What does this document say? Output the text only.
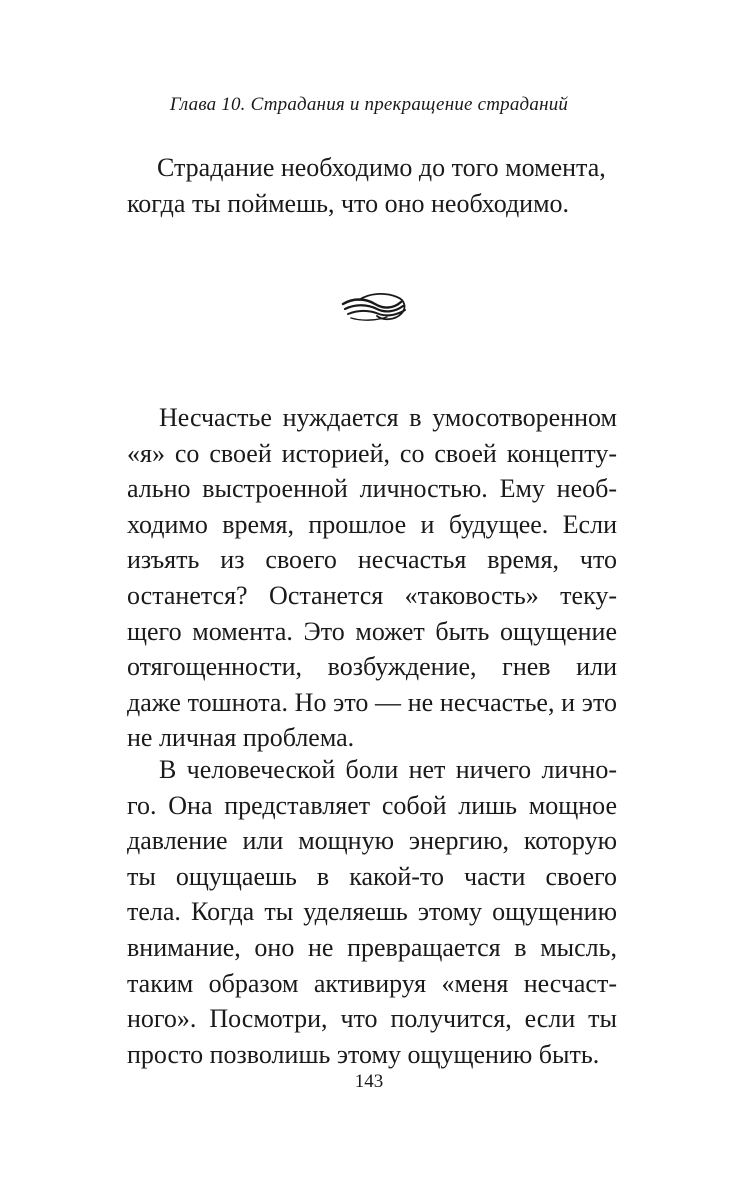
Глава 10. Страдания и прекращение страданий

Страдание необходимо до того момента,

когда ты поймешь, что оно необходимо.

Несчастье нуждается в умосотворенном
«я» со своей историей, со своей концепту-
ально выстроенной личностью. Ему необ-
ходимо время, прошлое и будущее. Если
изъять из своего несчастья время, что
останется? Останется «таковость» теку-
щего момента. Это может быть ощущение
отягощенности, возбуждение, гнев или
даже тошнота. Но это — не несчастье, и это
не личная проблема.
В человеческой боли нет ничего лично-
го. Она представляет собой лишь мощное
давление или мощную энергию, которую
ты ощущаешь в какой-то части своего
тела. Когда ты уделяешь этому ощущению
внимание, оно не превращается в мысль,
таким образом активируя «меня несчаст-
ного». Посмотри, что получится, если ты
просто позволишь этому ощущению быть.
143
